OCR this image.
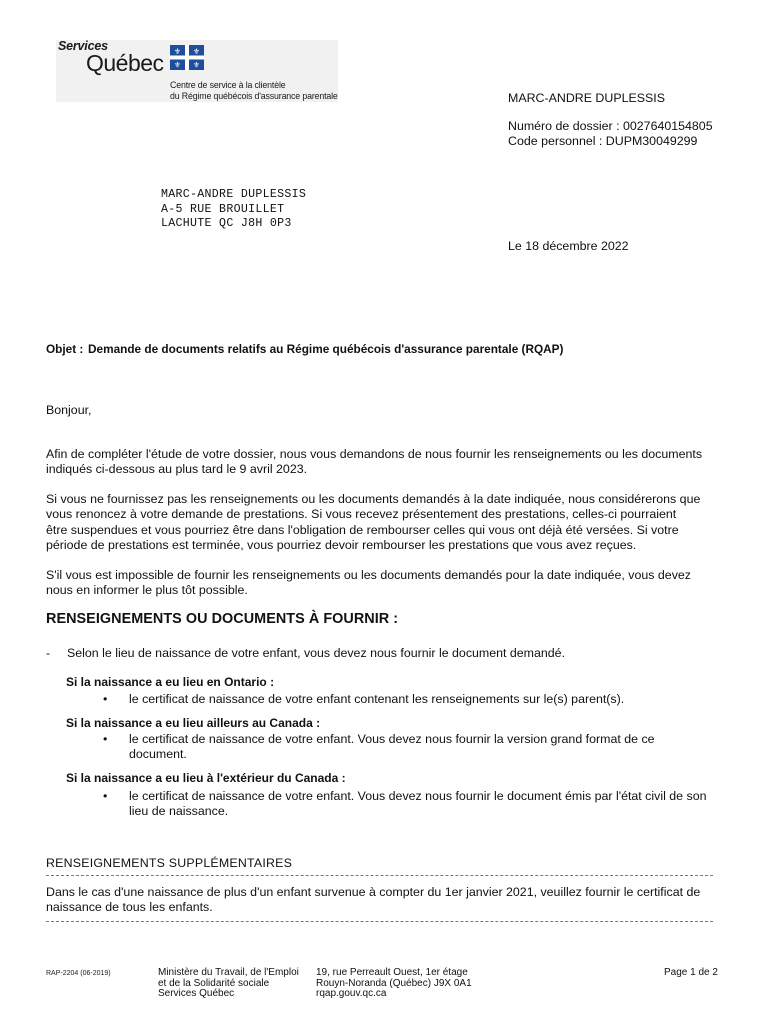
Services
Québec ⚜ ⚜
⚜ ⚜
Centre de service à la clientèle
du Régime québécois d'assurance parentale	MARC-ANDRE DUPLESSIS
Numéro de dossier : 0027640154805
Code personnel : DUPM30049299
Le 18 décembre 2022
MARC-ANDRE DUPLESSIS
A-5 RUE BROUILLET
LACHUTE QC J8H 0P3
Objet : Demande de documents relatifs au Régime québécois d'assurance parentale (RQAP)
Bonjour,
Afin de compléter l'étude de votre dossier, nous vous demandons de nous fournir les renseignements ou les documents
indiqués ci-dessous au plus tard le 9 avril 2023.
Si vous ne fournissez pas les renseignements ou les documents demandés à la date indiquée, nous considérerons que
vous renoncez à votre demande de prestations. Si vous recevez présentement des prestations, celles-ci pourraient
être suspendues et vous pourriez être dans l'obligation de rembourser celles qui vous ont déjà été versées. Si votre
période de prestations est terminée, vous pourriez devoir rembourser les prestations que vous avez reçues.
S'il vous est impossible de fournir les renseignements ou les documents demandés pour la date indiquée, vous devez
nous en informer le plus tôt possible.
RENSEIGNEMENTS OU DOCUMENTS À FOURNIR :
- Selon le lieu de naissance de votre enfant, vous devez nous fournir le document demandé.
Si la naissance a eu lieu en Ontario :
• le certificat de naissance de votre enfant contenant les renseignements sur le(s) parent(s).
Si la naissance a eu lieu ailleurs au Canada :
• le certificat de naissance de votre enfant. Vous devez nous fournir la version grand format de ce
document.
Si la naissance a eu lieu à l'extérieur du Canada :
• le certificat de naissance de votre enfant. Vous devez nous fournir le document émis par l'état civil de son
lieu de naissance.
RENSEIGNEMENTS SUPPLÉMENTAIRES
Dans le cas d'une naissance de plus d'un enfant survenue à compter du 1er janvier 2021, veuillez fournir le certificat de
naissance de tous les enfants.
RAP-2204 (06-2019)	Ministère du Travail, de l'Emploi
et de la Solidarité sociale
Services Québec
19, rue Perreault Ouest, 1er étage
Rouyn-Noranda (Québec) J9X 0A1
rqap.gouv.qc.ca
Page 1 de 2
